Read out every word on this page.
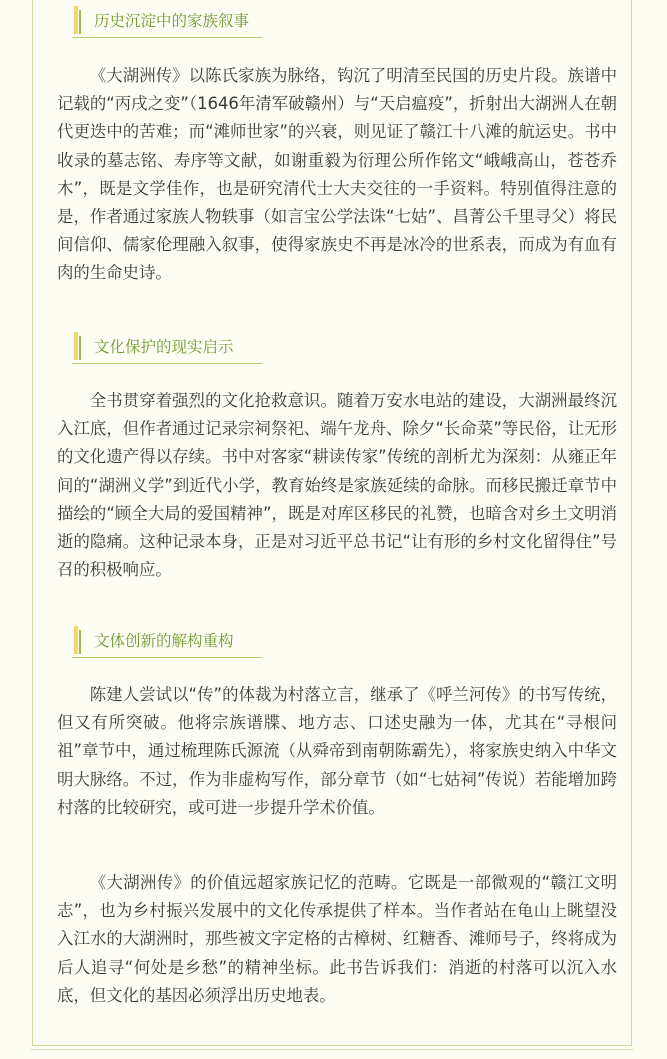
历史沉淀中的家族叙事

《大湖洲传》以陈氏家族为脉络，钩沉了明清至民国的历史片段。族谱中记载的“丙戌之变”（1646年清军破赣州）与“天启瘟疫”，折射出大湖洲人在朝代更迭中的苦难；而“滩师世家”的兴衰，则见证了赣江十八滩的航运史。书中收录的墓志铭、寿序等文献，如谢重毅为衍理公所作铭文“峨峨高山，苍苍乔木”，既是文学佳作，也是研究清代士大夫交往的一手资料。特别值得注意的是，作者通过家族人物轶事（如言宝公学法诛“七姑”、昌菁公千里寻父）将民间信仰、儒家伦理融入叙事，使得家族史不再是冰冷的世系表，而成为有血有肉的生命史诗。

文化保护的现实启示

全书贯穿着强烈的文化抢救意识。随着万安水电站的建设，大湖洲最终沉入江底，但作者通过记录宗祠祭祀、端午龙舟、除夕“长命菜”等民俗，让无形的文化遗产得以存续。书中对客家“耕读传家”传统的剖析尤为深刻：从雍正年间的“湖洲义学”到近代小学，教育始终是家族延续的命脉。而移民搬迁章节中描绘的“顾全大局的爱国精神”，既是对库区移民的礼赞，也暗含对乡土文明消逝的隐痛。这种记录本身，正是对习近平总书记“让有形的乡村文化留得住”号召的积极响应。

文体创新的解构重构

陈建人尝试以“传”的体裁为村落立言，继承了《呼兰河传》的书写传统，但又有所突破。他将宗族谱牒、地方志、口述史融为一体，尤其在“寻根问祖”章节中，通过梳理陈氏源流（从舜帝到南朝陈霸先），将家族史纳入中华文明大脉络。不过，作为非虚构写作，部分章节（如“七姑祠”传说）若能增加跨村落的比较研究，或可进一步提升学术价值。

《大湖洲传》的价值远超家族记忆的范畴。它既是一部微观的“赣江文明志”，也为乡村振兴发展中的文化传承提供了样本。当作者站在龟山上眺望没入江水的大湖洲时，那些被文字定格的古樟树、红糖香、滩师号子，终将成为后人追寻“何处是乡愁”的精神坐标。此书告诉我们：消逝的村落可以沉入水底，但文化的基因必须浮出历史地表。
